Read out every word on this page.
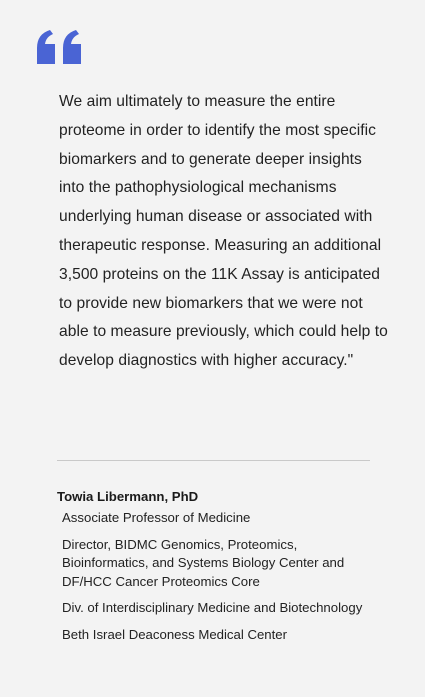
We aim ultimately to measure the entire proteome in order to identify the most specific biomarkers and to generate deeper insights into the pathophysiological mechanisms underlying human disease or associated with therapeutic response. Measuring an additional 3,500 proteins on the 11K Assay is anticipated to provide new biomarkers that we were not able to measure previously, which could help to develop diagnostics with higher accuracy."
Towia Libermann, PhD
Associate Professor of Medicine
Director, BIDMC Genomics, Proteomics, Bioinformatics, and Systems Biology Center and DF/HCC Cancer Proteomics Core
Div. of Interdisciplinary Medicine and Biotechnology
Beth Israel Deaconess Medical Center
